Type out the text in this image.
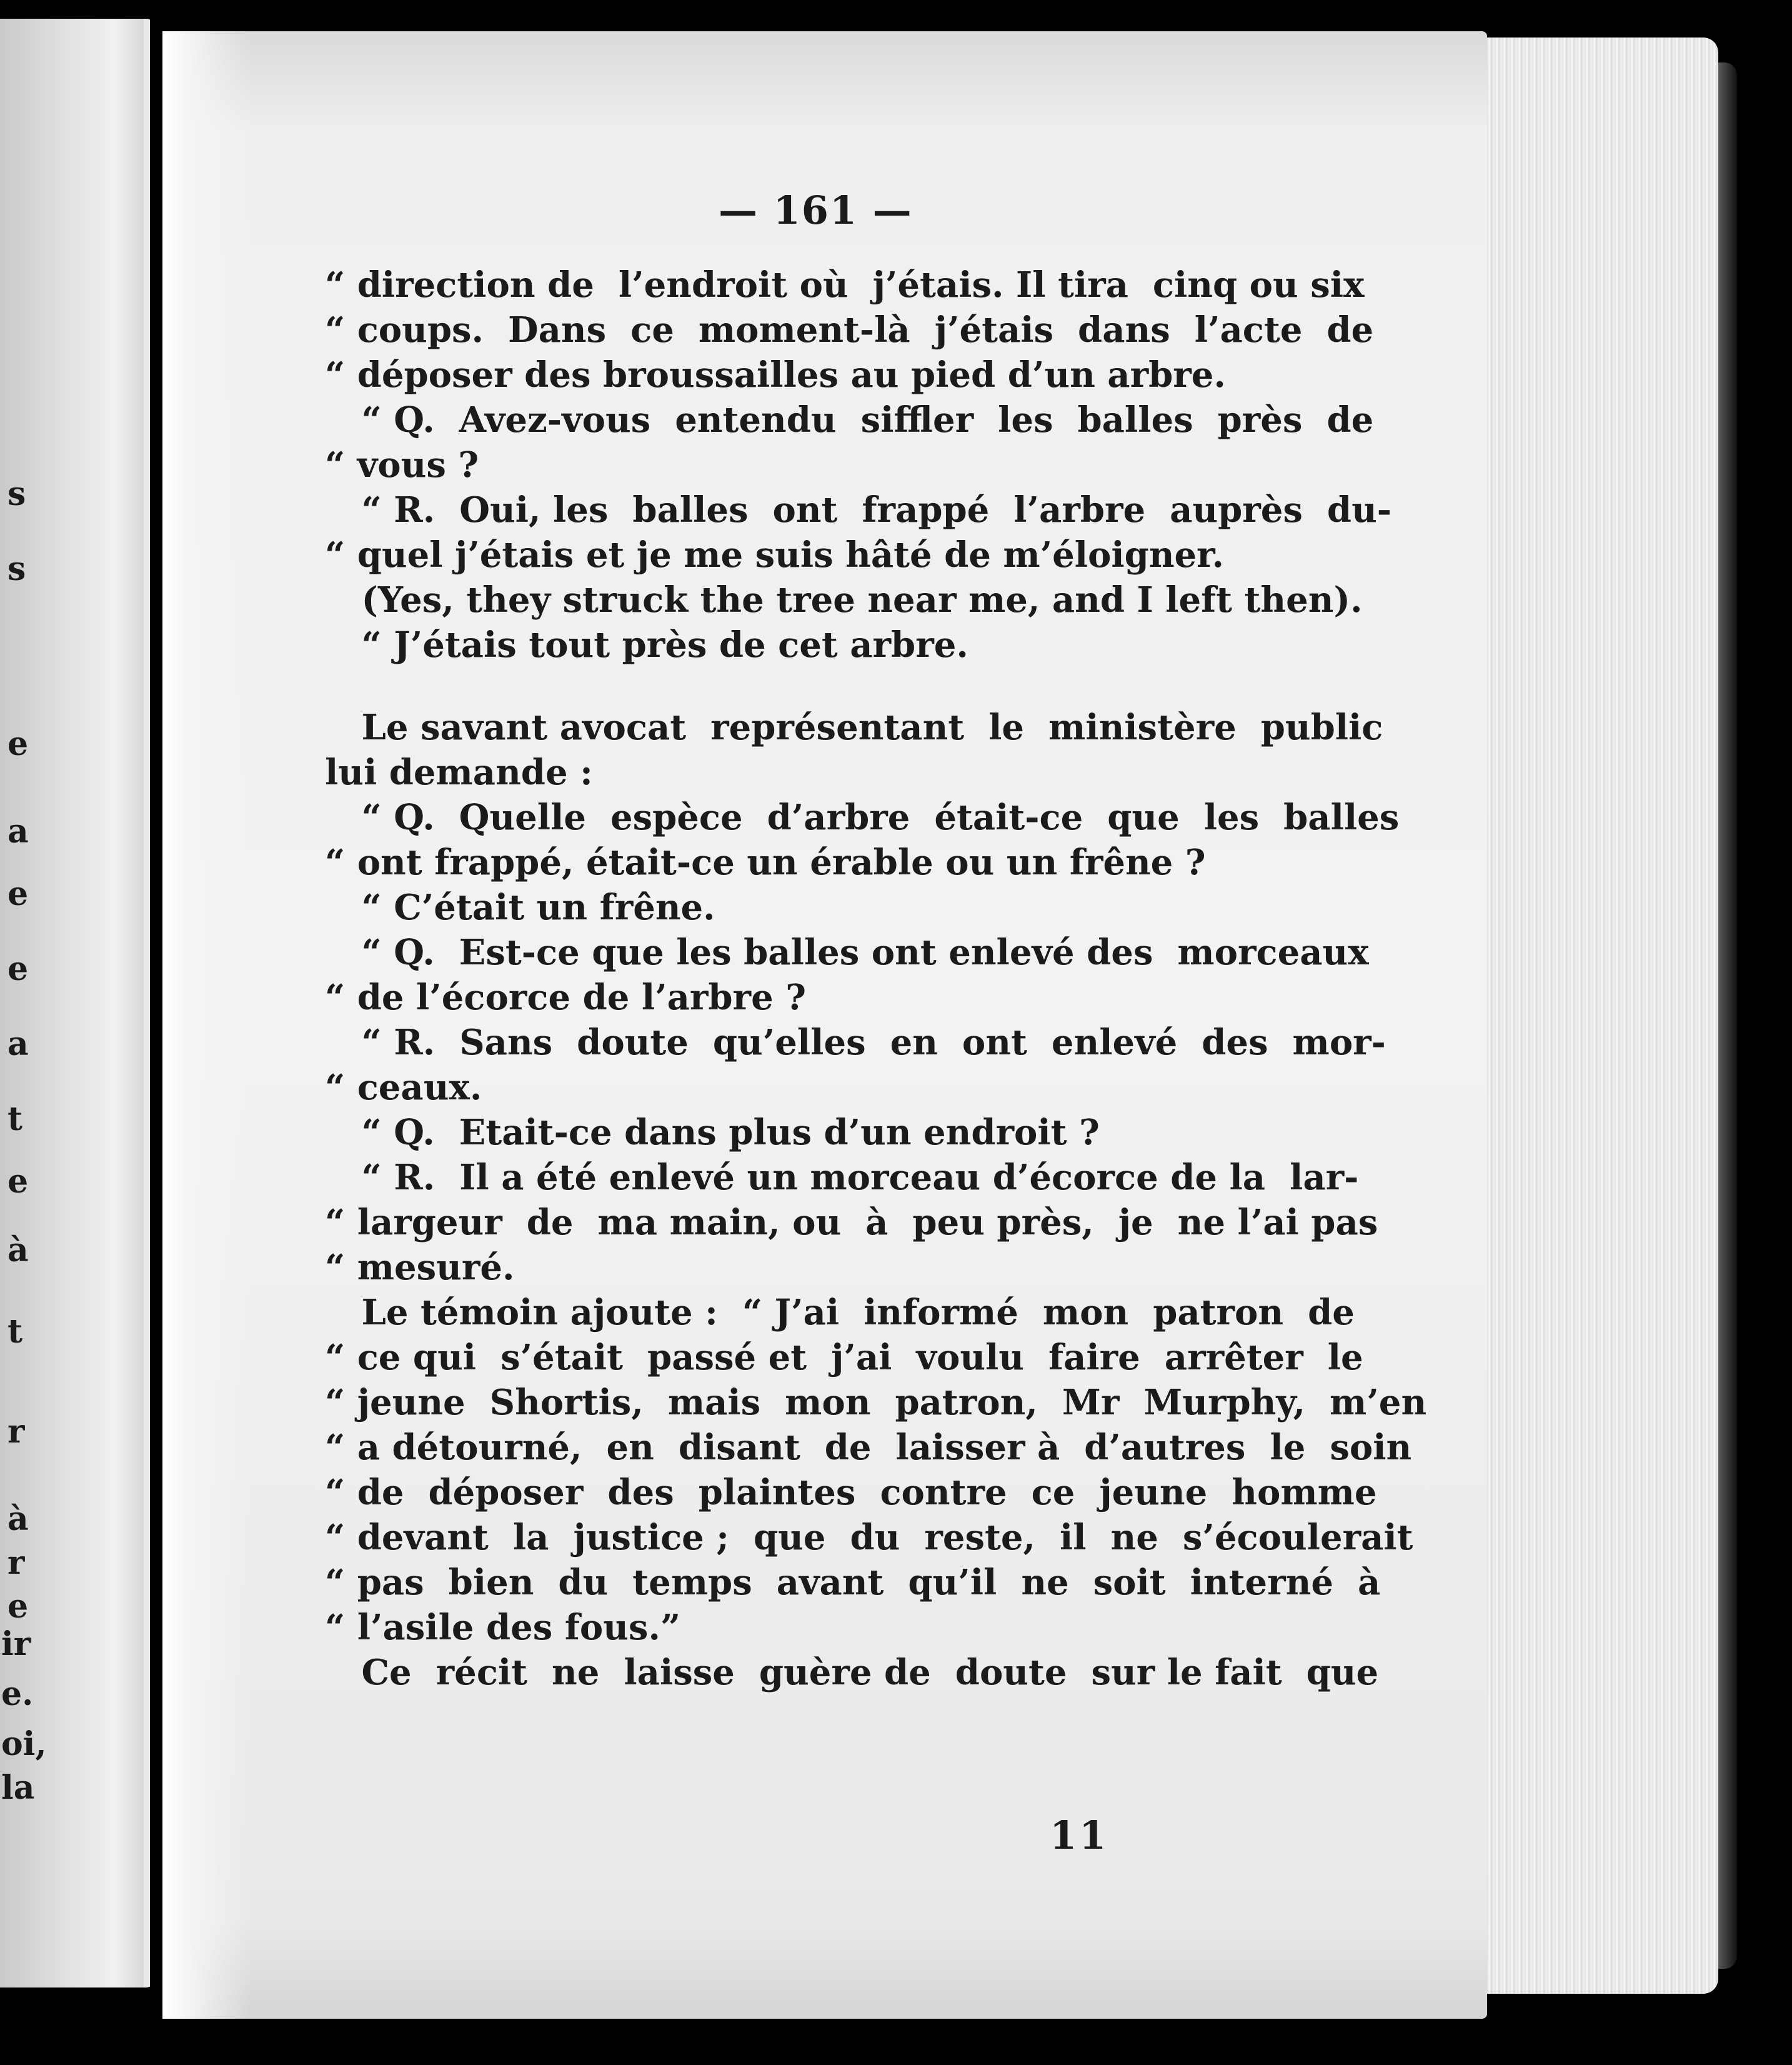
s
s
e
a
e
e
a
t
e
à
t
r
à
r
e
ir
e.
oi,
la
— 161 —
“ direction de  l’endroit où  j’étais. Il tira  cinq ou six
“ coups.  Dans  ce  moment-là  j’étais  dans  l’acte  de
“ déposer des broussailles au pied d’un arbre.
“ Q.  Avez-vous  entendu  siffler  les  balles  près  de
“ vous ?
“ R.  Oui, les  balles  ont  frappé  l’arbre  auprès  du-
“ quel j’étais et je me suis hâté de m’éloigner.
(Yes, they struck the tree near me, and I left then).
“ J’étais tout près de cet arbre.
Le savant avocat  représentant  le  ministère  public
lui demande :
“ Q.  Quelle  espèce  d’arbre  était-ce  que  les  balles
“ ont frappé, était-ce un érable ou un frêne ?
“ C’était un frêne.
“ Q.  Est-ce que les balles ont enlevé des  morceaux
“ de l’écorce de l’arbre ?
“ R.  Sans  doute  qu’elles  en  ont  enlevé  des  mor-
“ ceaux.
“ Q.  Etait-ce dans plus d’un endroit ?
“ R.  Il a été enlevé un morceau d’écorce de la  lar-
“ largeur  de  ma main, ou  à  peu près,  je  ne l’ai pas
“ mesuré.
Le témoin ajoute :  “ J’ai  informé  mon  patron  de
“ ce qui  s’était  passé et  j’ai  voulu  faire  arrêter  le
“ jeune  Shortis,  mais  mon  patron,  Mr  Murphy,  m’en
“ a détourné,  en  disant  de  laisser à  d’autres  le  soin
“ de  déposer  des  plaintes  contre  ce  jeune  homme
“ devant  la  justice ;  que  du  reste,  il  ne  s’écoulerait
“ pas  bien  du  temps  avant  qu’il  ne  soit  interné  à
“ l’asile des fous.”
Ce  récit  ne  laisse  guère de  doute  sur le fait  que
11
